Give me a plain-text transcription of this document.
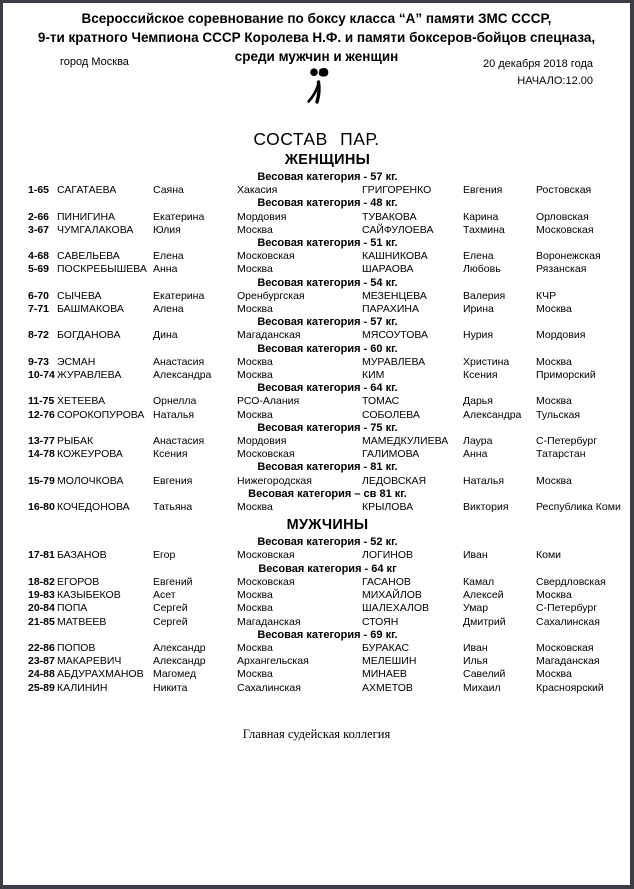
Всероссийское соревнование по боксу класса “А” памяти ЗМС СССР,
9-ти кратного Чемпиона СССР Королева Н.Ф. и памяти боксеров-бойцов спецназа,
среди мужчин и женщин
город Москва	20 декабря 2018 года
НАЧАЛО:12.00
СОСТАВ ПАР.
ЖЕНЩИНЫ
Весовая категория - 57 кг.
1-65 САГАТАЕВА	Саяна	Хакасия	ГРИГОРЕНКО	Евгения	Ростовская
Весовая категория - 48 кг.
2-66 ПИНИГИНА	Екатерина	Мордовия	ТУВАКОВА	Карина	Орловская
3-67 ЧУМГАЛАКОВА	Юлия	Москва	САЙФУЛОЕВА	Тахмина	Московская
Весовая категория - 51 кг.
4-68 САВЕЛЬЕВА	Елена	Московская	КАШНИКОВА	Елена	Воронежская
5-69 ПОСКРЕБЫШЕВА Анна	Москва	ШАРАОВА	Любовь	Рязанская
Весовая категория - 54 кг.
6-70 СЫЧЕВА	Екатерина	Оренбургская	МЕЗЕНЦЕВА	Валерия	КЧР
7-71 БАШМАКОВА	Алена	Москва	ПАРАХИНА	Ирина	Москва
Весовая категория - 57 кг.
8-72 БОГДАНОВА	Дина	Магаданская	МЯСОУТОВА	Нурия	Мордовия
Весовая категория - 60 кг.
9-73 ЭСМАН	Анастасия	Москва	МУРАВЛЕВА	Христина	Москва
10-74 ЖУРАВЛЕВА	Александра	Москва	КИМ	Ксения	Приморский
Весовая категория - 64 кг.
11-75 ХЕТЕЕВА	Орнелла	РСО-Алания	ТОМАС	Дарья	Москва
12-76 СОРОКОПУРОВА Наталья	Москва	СОБОЛЕВА	Александра	Тульская
Весовая категория - 75 кг.
13-77 РЫБАК	Анастасия	Мордовия	МАМЕДКУЛИЕВА	Лаура	С-Петербург
14-78 КОЖЕУРОВА	Ксения	Московская	ГАЛИМОВА	Анна	Татарстан
Весовая категория - 81 кг.
15-79 МОЛОЧКОВА	Евгения	Нижегородская	ЛЕДОВСКАЯ	Наталья	Москва
Весовая категория – св 81 кг.
16-80 КОЧЕДОНОВА	Татьяна	Москва	КРЫЛОВА	Виктория	Республика Коми
МУЖЧИНЫ
Весовая категория - 52 кг.
17-81 БАЗАНОВ	Егор	Московская	ЛОГИНОВ	Иван	Коми
Весовая категория - 64 кг
18-82 ЕГОРОВ	Евгений	Московская	ГАСАНОВ	Камал	Свердловская
19-83 КАЗЫБЕКОВ	Асет	Москва	МИХАЙЛОВ	Алексей	Москва
20-84 ПОПА	Сергей	Москва	ШАЛЕХАЛОВ	Умар	С-Петербург
21-85 МАТВЕЕВ	Сергей	Магаданская	СТОЯН	Дмитрий	Сахалинская
Весовая категория - 69 кг.
22-86 ПОПОВ	Александр	Москва	БУРАКАС	Иван	Московская
23-87 МАКАРЕВИЧ	Александр	Архангельская	МЕЛЕШИН	Илья	Магаданская
24-88 АБДУРАХМАНОВ Магомед	Москва	МИНАЕВ	Савелий	Москва
25-89 КАЛИНИН	Никита	Сахалинская	АХМЕТОВ	Михаил	Красноярский
Главная судейская коллегия
